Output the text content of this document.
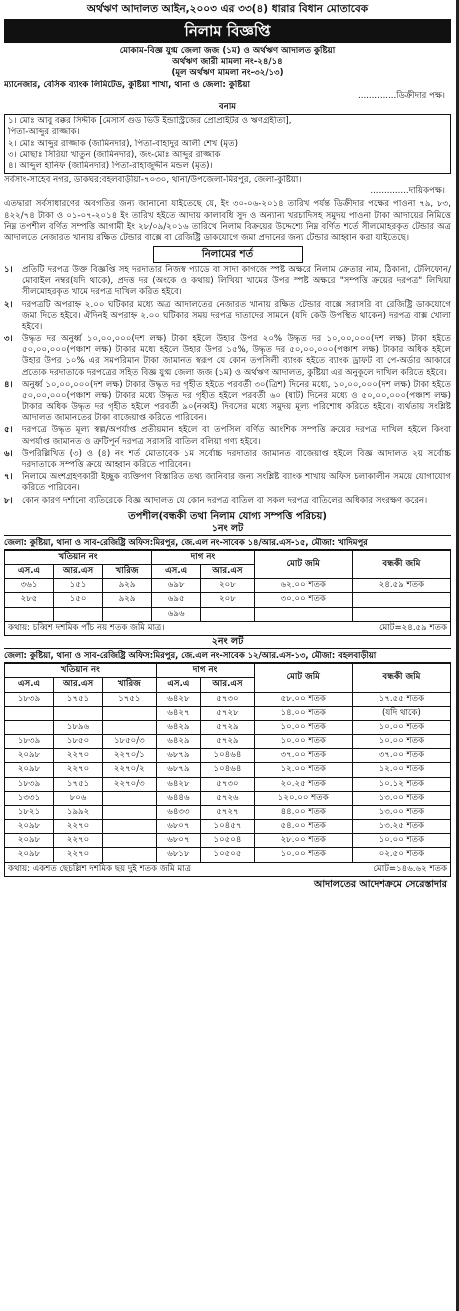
অর্থঋণ আদালত আইন,২০০৩ এর ৩৩(৪) ধারার বিধান মোতাবেক
নিলাম বিজ্ঞপ্তি
মোকাম-বিজ্ঞ যুগ্ম জেলা জজ (১ম) ও অর্থঋণ আদালত কুষ্টিয়া
অর্থঋণ জারী মামলা নং-২৪/১৪
(মূল অর্থঋণ মামলা নং-৩২/১৩)
ম্যানেজার, বেসিক ব্যাংক লিমিটেড, কুষ্টিয়া শাখা, থানা ও জেলা: কুষ্টিয়া
..............ডিক্রীদার পক্ষ।
বনাম
১। মোঃ আবু বক্কর সিদ্দীক [মেসার্স গুড ভিউ ইন্ডাস্ট্রিজের প্রোপ্রাইটর ও ঋণগ্রহীতা],
পিতা-আব্দুর রাজ্জাক।
২। মোঃ আব্দুর রাজ্জাক (জামিনদার), পিতা-বাহাদুর আলী শেখ (মৃত)
৩। মোছাঃ সিরিয়া খাতুন (জামিনদার), জং-মোঃ আব্দুর রাজ্জাক
৪। আব্দুল হানিফ (জামিনদার) পিতা-রাহাজুদ্দীন মন্ডল (মৃত)।
সর্বসাং-সাহেব নগর, ডাকঘর:বহলবাড়ীয়া-৭০৩০, থানা/উপজেলা-মিরপুর, জেলা-কুষ্টিয়া।
..............দায়িকপক্ষ।
এতদ্বারা সর্বসাধারণের অবগতির জন্য জানানো যাইতেছে যে, ইং ৩০-০৬-২০১৪ তারিখ পর্যন্ত ডিক্রীদার পক্ষের পাওনা ৭৯, ৮৩, ৪২২/৭৪ টাকা ও ০১-০৭-২০১৪ ইং তারিখ হইতে আদায় কালাবধি সুদ ও অন্যান্য খরচাদিসহ সমুদয় পাওনা টাকা আদায়ের নিমিত্তে নিম্ন তপশীল বর্ণিত সম্পত্তি আগামী ইং ২৮/০৯/২০১৬ তারিখে নিলাম বিক্রয়ের উদ্দেশ্যে নিম্ন বর্ণিত শর্তে সীলমোহরকৃত টেন্ডার অত্র আদালতে নেজারত খানায় রক্ষিত টেন্ডার বাক্সে বা রেজিষ্ট্রি ডাকযোগে জমা প্রদানের জন্য টেন্ডার আহ্বান করা যাইতেছে।
নিলামের শর্ত
১।	প্রতিটি দরপত্র উক্ত বিজ্ঞপ্তি সহ দরদাতার নিজস্ব প্যাডে বা সাদা কাগজে স্পষ্ট অক্ষরে নিলাম ক্রেতার নাম, ঠিকানা, টেলিফোন/মোবাইল নম্বর(যদি থাকে), প্রদত্ত দর (অংকে ও কথায়) লিখিয়া খামের উপর স্পষ্ট অক্ষরে "সম্পত্তি ক্রয়ের দরপত্র" লিখিয়া সীলমোহরকৃত খামে দরপত্র দাখিল করিত হইবে।
২।	দরপত্রটি অপরাহ্ন ২.০০ ঘটিকার মধ্যে অত্র আদালতের নেজারত খানায় রক্ষিত টেন্ডার বাক্সে সরাসরি বা রেজিষ্ট্রি ডাকযোগে জমা দিতে হইবে। ঐদিনই অপরাহ্ন ২.০০ ঘটিকার সময় দরপত্র দাতাদের সামনে (যদি কেউ উপস্থিত থাকেন) দরপত্র বাক্স খোলা হইবে।
৩।	উদ্ধৃত দর অনুর্ধ্ব ১০,০০,০০০(দশ লক্ষ) টাকা হইলে উহার উপর ২০% উদ্ধৃত দর ১০,০০,০০০(দশ লক্ষ) টাকা হইতে ৫০,০০,০০০(পঞ্চাশ লক্ষ) টাকার মধ্যে হইলে উহার উপর ১৫%, উদ্ধৃত দর ৫০,০০,০০০(পঞ্চাশ লক্ষ) টাকার অধিক হইলে উহার উপর ১০% এর সমপরিমান টাকা জামানত স্বরূপ যে কোন তপসিলী ব্যাংক হইতে ব্যাংক ড্রাফট বা পে-অর্ডার আকারে প্রত্যেক দরদাতাকে দরপত্রের সহিত বিজ্ঞ যুগ্ম জেলা জজ (১ম) ও অর্থঋণ আদালত, কুষ্টিয়া এর অনুকূলে দাখিল করিতে হইবে।
৪।	অনুর্ধ্ব ১০,০০,০০০(দশ লক্ষ) টাকার উদ্ধৃত দর গৃহীত হইতে পরবর্তী ৩০(ত্রিশ) দিনের মধ্যে, ১০,০০,০০০(দশ লক্ষ) টাকা হইতে ৫০,০০,০০০(পঞ্চাশ লক্ষ) টাকার মধ্যে উদ্ধৃত দর গৃহীত হইলে পরবর্তী ৬০ (ষাট) দিনের মধ্যে ও ৫০,০০,০০০(পঞ্চাশ লক্ষ) টাকার অধিক উদ্ধৃত দর গৃহীত হইলে পরবর্তী ৯০(নব্বই) দিবসের মধ্যে সমুদয় মূল্য পরিশোধ করিতে হইবে। ব্যর্থতায় সংশ্লিষ্ট আদালত জামানতের টাকা বাজেয়াপ্ত করিতে পারিবেন।
৫।	দরপত্রে উদ্ধৃত মূল্য স্বল্প/অপর্যাপ্ত প্রতীয়মান হইলে বা তপসিল বর্ণিত আংশিক সম্পত্তি ক্রয়ের দরপত্র দাখিল হইলে কিংবা অপর্যাপ্ত জামানত ও ত্রুটিপূর্ন দরপত্র সরাসরি বাতিল বলিয়া গণ্য হইবে।
৬।	উপরিল্লিখিত (৩) ও (৪) নং শর্ত মোতাবেক ১ম সর্বোচ্চ দরদাতার জামানত বাজেয়াপ্ত হইলে বিজ্ঞ আদালত ২য় সর্বোচ্চ দরদাতাকে সম্পত্তি ক্রয়ে আহ্বান করিতে পারিবেন।
৭।	নিলামে অংশগ্রহণকারী ইচ্ছুক ব্যক্তিগণ বিস্তারিত তথ্য জানিবার জন্য সংশ্লিষ্ট ব্যাংক শাখায় অফিস চলাকালীন সময়ে যোগাযোগ করিতে পারিবেন।
৮।	কোন কারণ দর্শানো ব্যতিরেকে বিজ্ঞ আদালত যে কোন দরপত্র বাতিল বা সকল দরপত্র বাতিলের অধিকার সংরক্ষণ করেন।
তপশীল(বন্ধকী তথা নিলাম যোগ্য সম্পত্তি পরিচয়)
১নং লট
জেলা: কুষ্টিয়া, থানা ও সাব-রেজিষ্ট্রি অফিস:মিরপুর, জে.এল নং-সাবেক ১৪/আর.এস-১৫, মৌজা: খাদিমপুর
খতিয়ান নং			দাগ নং		মোট জমি	বন্ধকী জমি
এস.এ	আর.এস	খারিজ	এস.এ	আর.এস		
৩৬১	১৫১	৯২৯	৬৯৮	২০৮	৬২.০০ শতক	২৪.৫৯ শতক
২৮৫	১৫০	৯২৯	৬৯৫	২০৮	৩০.০০ শতক	
			৬৯৬			
কথায়: চব্বিশ দশমিক পাঁচ নয় শতক জমি মাত্র।	মোট=২৪.৫৯ শতক
২নং লট
জেলা: কুষ্টিয়া, থানা ও সাব-রেজিষ্ট্রি অফিস:মিরপুর, জে.এল নং-সাবেক ১২/আর.এস-১৩, মৌজা: বহলবাড়ীয়া
খতিয়ান নং			দাগ নং		মোট জমি	বন্ধকী জমি
এস.এ	আর.এস	খারিজ	এস.এ	আর.এস		
১৮৩৯	১৭৫১	১৭৫১	৬৪২৮	৫৭৩০	৫৮.০০ শতক	১৭.৫৫ শতক
			৬৪২৭	৫৭২৮	১৪.০০ শতক	(যদি থাকে)
	১৮৯৬		৬৪২৯	৫৭২৯	১০.০০ শতক	১০.০০ শতক
১৮৩৯	১৮৫০	১৮৫০/৩	৬৪২৯	৫৭২৯	১০.০০ শতক	১০.০০ শতক
২০৯৮	২২৭০	২২৭০/১	৬৮৭৯	১০৪৬৪	৩৭.০০ শতক	৩৭.০০ শতক
২০৯৮	২২৭০	২২৭০/২	৬৮৭৯	১০৪৬৪	১২.০০ শতক	১২.০০ শতক
১৮৩৯	১৭৫১	২২৭০/৩	৬৪২৮	৫৭৩০	২০.২৫ শতক	১০.১২ শতক
১৩৩১	৮০৬		৬৪৪৬	৫৭২৬	১২০.০০ শতক	১৩.০০ শতক
১৮২১	১৯৯২		৬৪৩৩	৫৭২৭	৪৪.০০ শতক	১৩.০০ শতক
২০৯৮	২২৭০		৬৮০৭	১০৪৫৭	৫৪.০০ শতক	১৩.২৫ শতক
২০৯৮	২২৭০		৬৮০৭	১০৫০৪	২৮.০০ শতক	১০.০০ শতক
২০৯৮	২২৭০		৬৮১৮	১০৫০৫	১০.০০ শতক	০২.৫০ শতক
কথায়: একশত ছেচল্লিশ দশমিক ছয় দুই শতক জমি মাত্র	মোট=১৪৬.৬২ শতক
আদালতের আদেশক্রমে সেরেস্তাদার
